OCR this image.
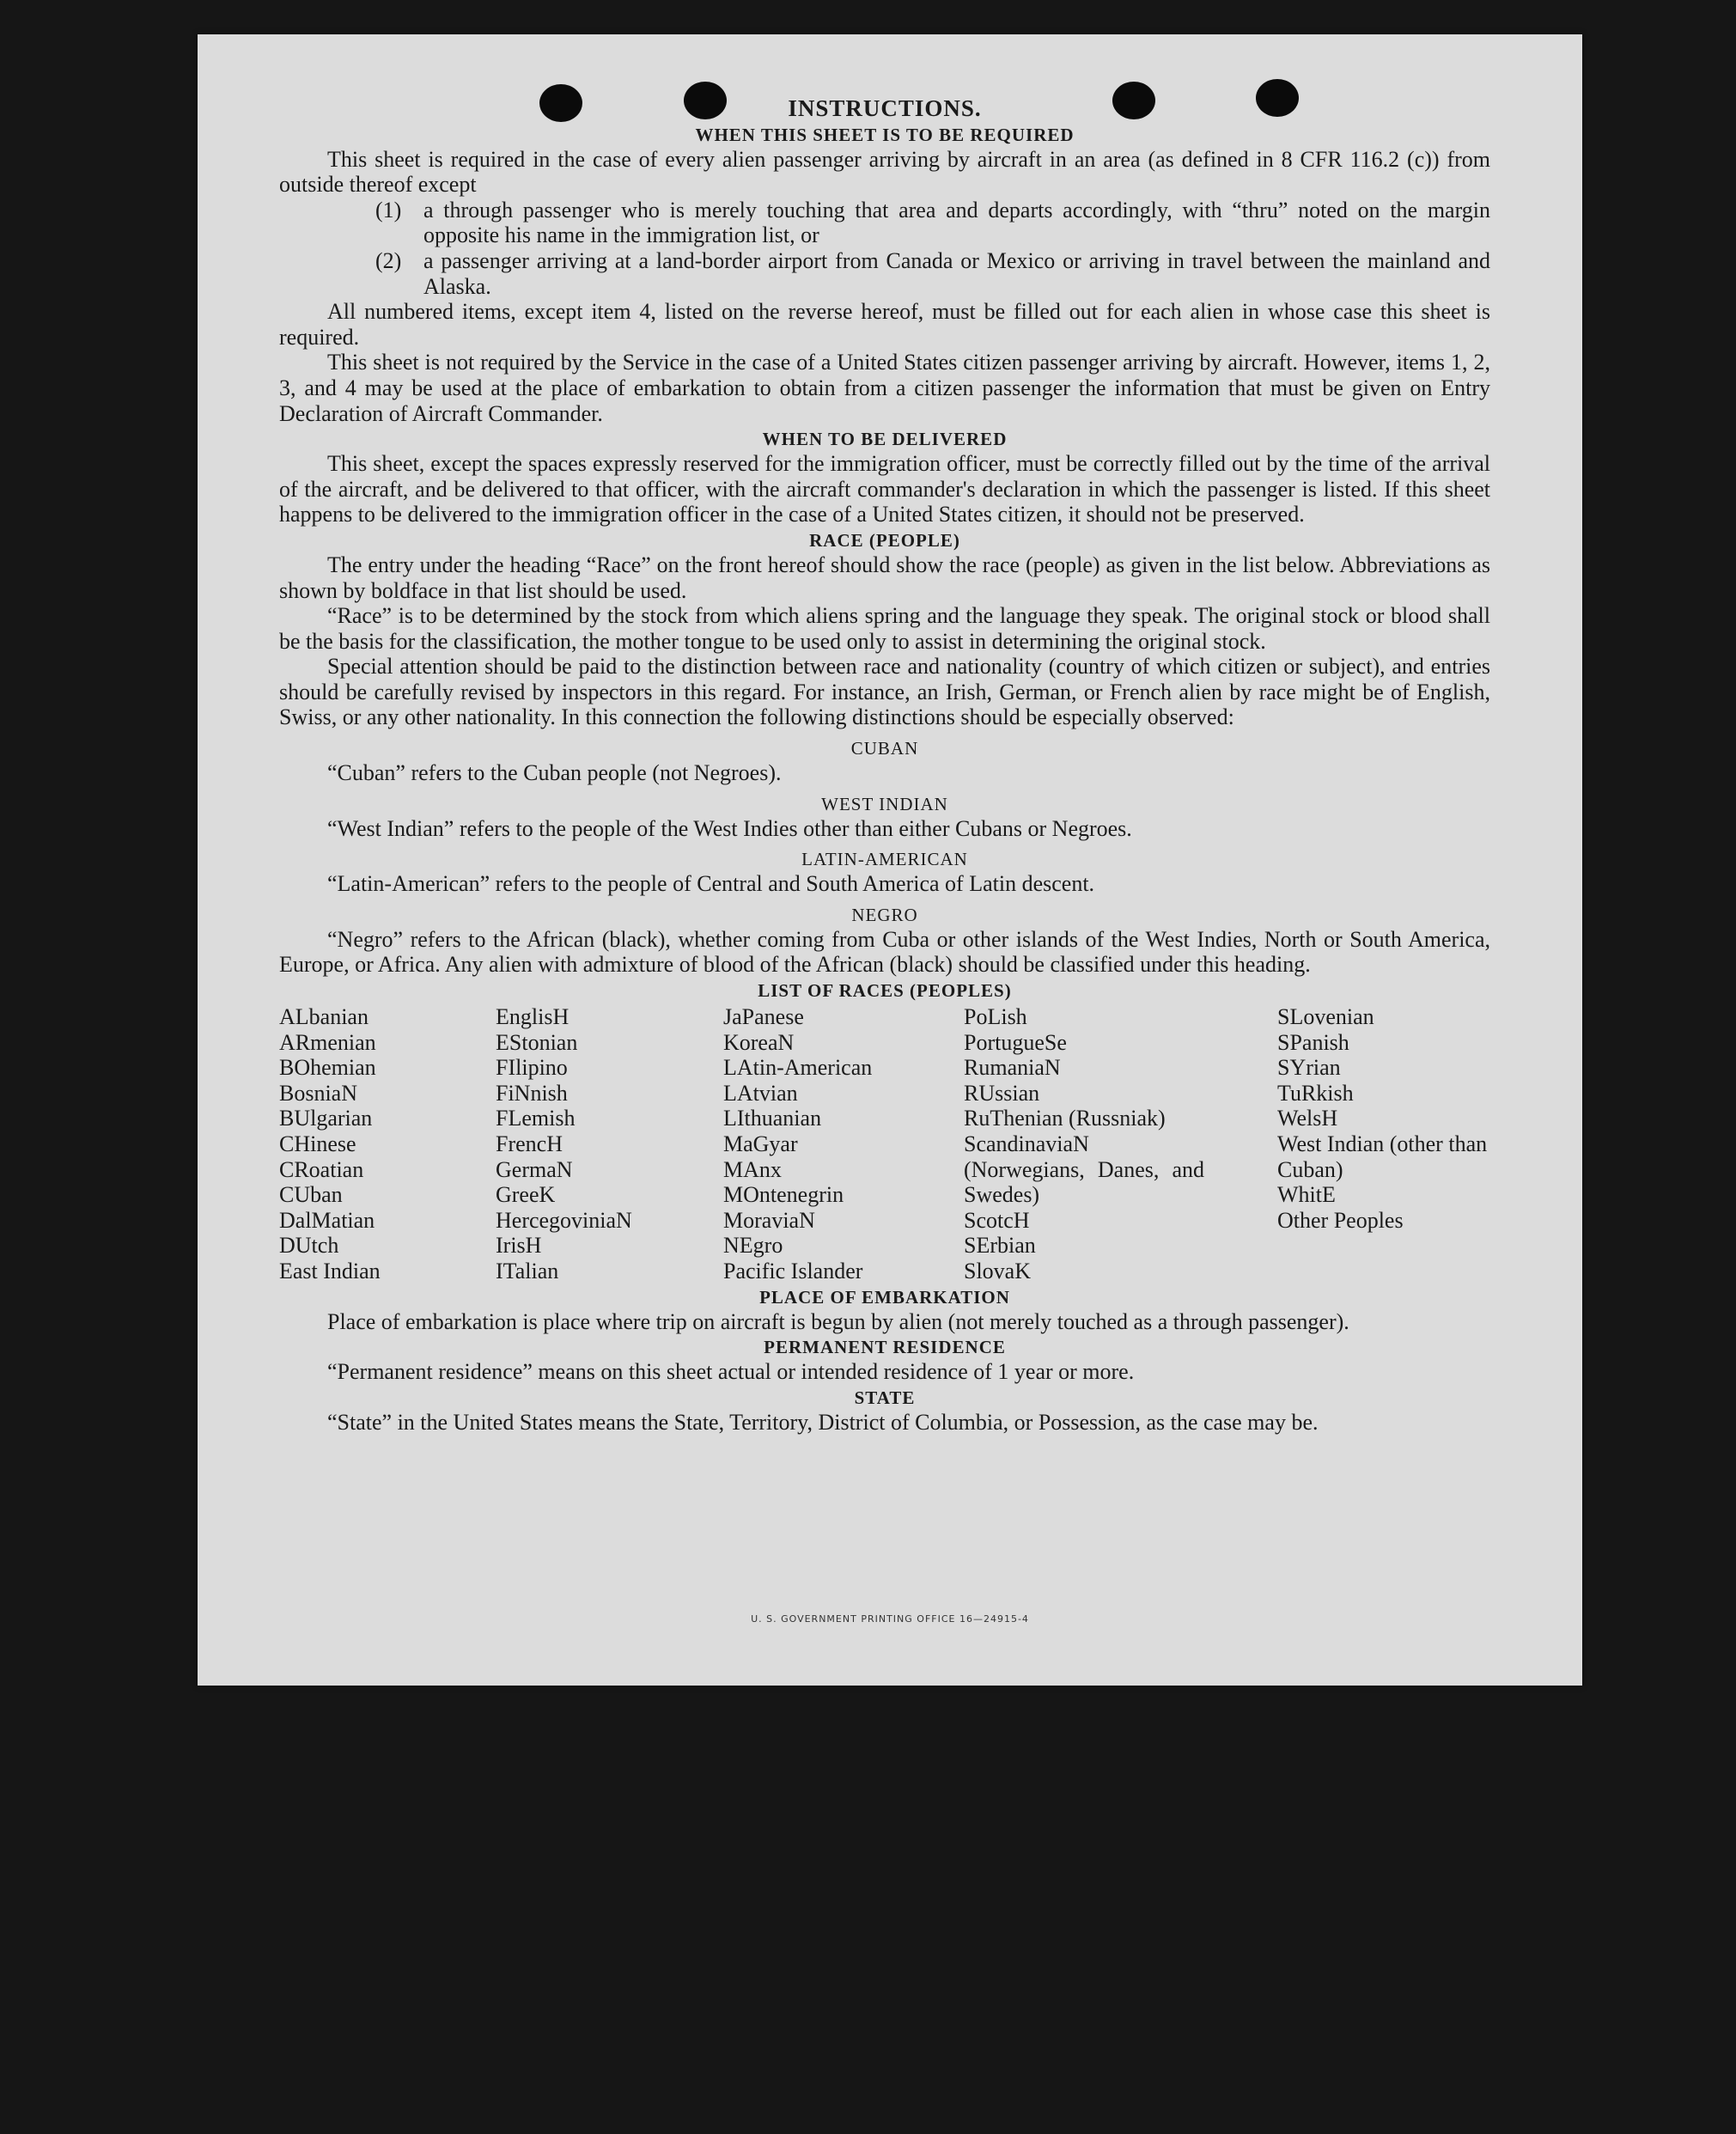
INSTRUCTIONS.
WHEN THIS SHEET IS TO BE REQUIRED

This sheet is required in the case of every alien passenger arriving by aircraft in an area (as defined in 8 CFR 116.2 (c)) from outside thereof except

(1) a through passenger who is merely touching that area and departs accordingly, with “thru” noted on the margin opposite his name in the immigration list, or
(2) a passenger arriving at a land-border airport from Canada or Mexico or arriving in travel between the mainland and Alaska.

All numbered items, except item 4, listed on the reverse hereof, must be filled out for each alien in whose case this sheet is required.

This sheet is not required by the Service in the case of a United States citizen passenger arriving by aircraft. However, items 1, 2, 3, and 4 may be used at the place of embarkation to obtain from a citizen passenger the information that must be given on Entry Declaration of Aircraft Commander.

WHEN TO BE DELIVERED

This sheet, except the spaces expressly reserved for the immigration officer, must be correctly filled out by the time of the arrival of the aircraft, and be delivered to that officer, with the aircraft commander's declaration in which the passenger is listed. If this sheet happens to be delivered to the immigration officer in the case of a United States citizen, it should not be preserved.

RACE (PEOPLE)

The entry under the heading “Race” on the front hereof should show the race (people) as given in the list below. Abbreviations as shown by boldface in that list should be used.

“Race” is to be determined by the stock from which aliens spring and the language they speak. The original stock or blood shall be the basis for the classification, the mother tongue to be used only to assist in determining the original stock.

Special attention should be paid to the distinction between race and nationality (country of which citizen or subject), and entries should be carefully revised by inspectors in this regard. For instance, an Irish, German, or French alien by race might be of English, Swiss, or any other nationality. In this connection the following distinctions should be especially observed:

CUBAN

“Cuban” refers to the Cuban people (not Negroes).

WEST INDIAN

“West Indian” refers to the people of the West Indies other than either Cubans or Negroes.

LATIN-AMERICAN

“Latin-American” refers to the people of Central and South America of Latin descent.

NEGRO

“Negro” refers to the African (black), whether coming from Cuba or other islands of the West Indies, North or South America, Europe, or Africa. Any alien with admixture of blood of the African (black) should be classified under this heading.

LIST OF RACES (PEOPLES)
ALbanian
ARmenian
BOhemian
BosniaN
BUlgarian
CHinese
CRoatian
CUban
DalMatian
DUtch
East Indian
EnglisH
EStonian
FIlipino
FiNnish
FLemish
FrencH
GermaN
GreeK
HercegoviniaN
IrisH
ITalian
JaPanese
KoreaN
LAtin-American
LAtvian
LIthuanian
MaGyar
MAnx
MOntenegrin
MoraviaN
NEgro
Pacific Islander
PoLish
PortugueSe
RumaniaN
RUssian
RuThenian (Russniak)
ScandinaviaN (Norwegians, Danes, and Swedes)
ScotcH
SErbian
SlovaK
SLovenian
SPanish
SYrian
TuRkish
WelsH
West Indian (other than Cuban)
WhitE
Other Peoples
PLACE OF EMBARKATION

Place of embarkation is place where trip on aircraft is begun by alien (not merely touched as a through passenger).

PERMANENT RESIDENCE

“Permanent residence” means on this sheet actual or intended residence of 1 year or more.

STATE

“State” in the United States means the State, Territory, District of Columbia, or Possession, as the case may be.

U. S. GOVERNMENT PRINTING OFFICE 16—24915-4
